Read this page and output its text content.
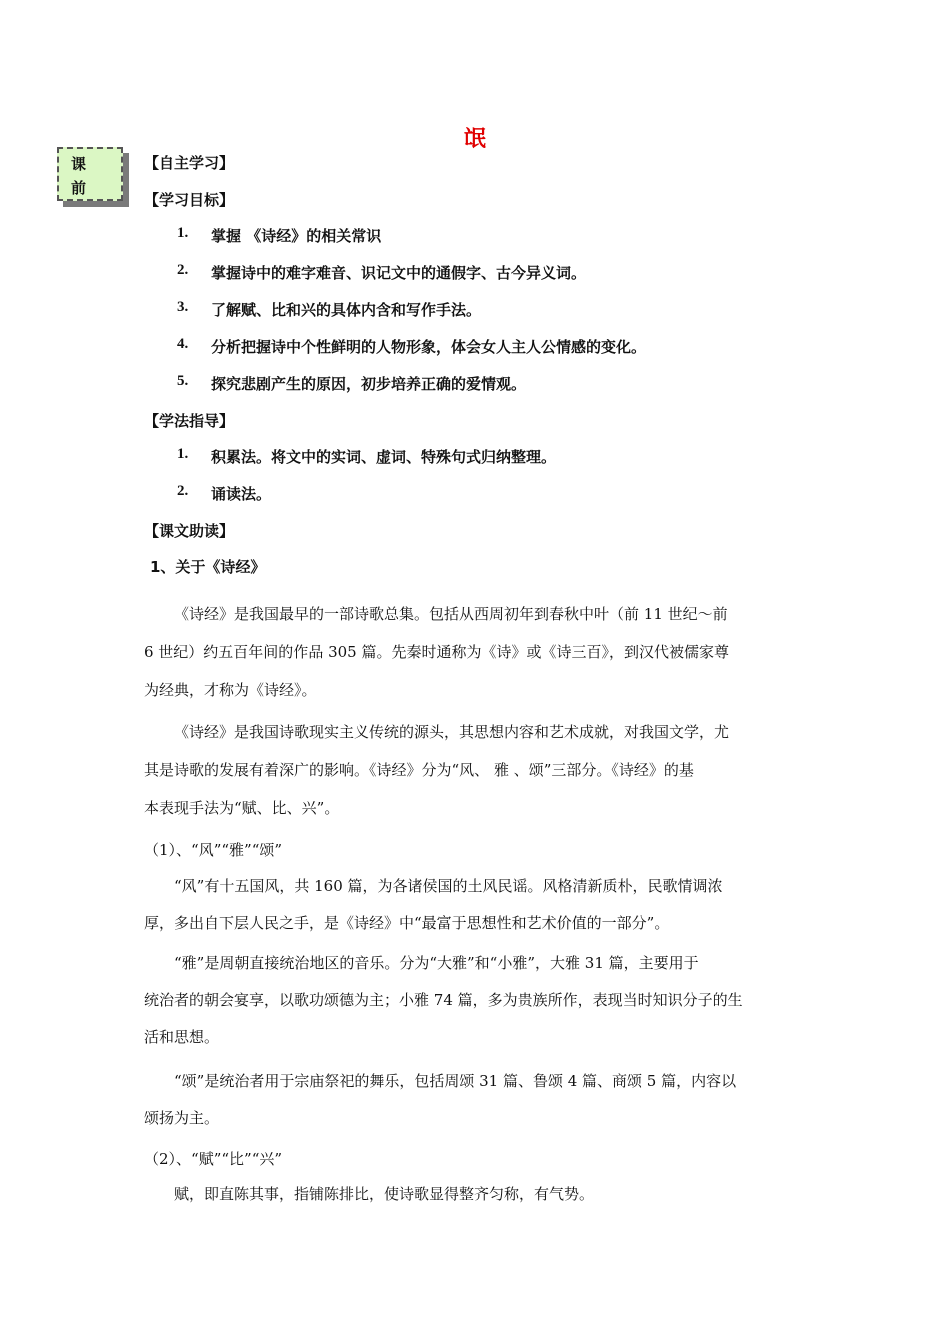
氓
课
前
【自主学习】
【学习目标】
1. 掌握 《诗经》的相关常识
2. 掌握诗中的难字难音、识记文中的通假字、古今异义词。
3. 了解赋、比和兴的具体内含和写作手法。
4. 分析把握诗中个性鲜明的人物形象，体会女人主人公情感的变化。
5. 探究悲剧产生的原因，初步培养正确的爱情观。
【学法指导】
1. 积累法。将文中的实词、虚词、特殊句式归纳整理。
2. 诵读法。
【课文助读】
1、关于《诗经》
《诗经》是我国最早的一部诗歌总集。包括从西周初年到春秋中叶（前 11 世纪～前
6 世纪）约五百年间的作品 305 篇。先秦时通称为《诗》或《诗三百》，到汉代被儒家尊
为经典，才称为《诗经》。
《诗经》是我国诗歌现实主义传统的源头，其思想内容和艺术成就，对我国文学，尤
其是诗歌的发展有着深广的影响。《诗经》分为“风、 雅 、颂”三部分。《诗经》的基
本表现手法为“赋、比、兴”。
（1）、“风”“雅”“颂”
“风”有十五国风，共 160 篇，为各诸侯国的土风民谣。风格清新质朴，民歌情调浓
厚，多出自下层人民之手，是《诗经》中“最富于思想性和艺术价值的一部分”。
“雅”是周朝直接统治地区的音乐。分为“大雅”和“小雅”，大雅 31 篇，主要用于
统治者的朝会宴享，以歌功颂德为主；小雅 74 篇，多为贵族所作，表现当时知识分子的生
活和思想。
“颂”是统治者用于宗庙祭祀的舞乐，包括周颂 31 篇、鲁颂 4 篇、商颂 5 篇，内容以
颂扬为主。
（2）、“赋”“比”“兴”
赋，即直陈其事，指铺陈排比，使诗歌显得整齐匀称，有气势。
